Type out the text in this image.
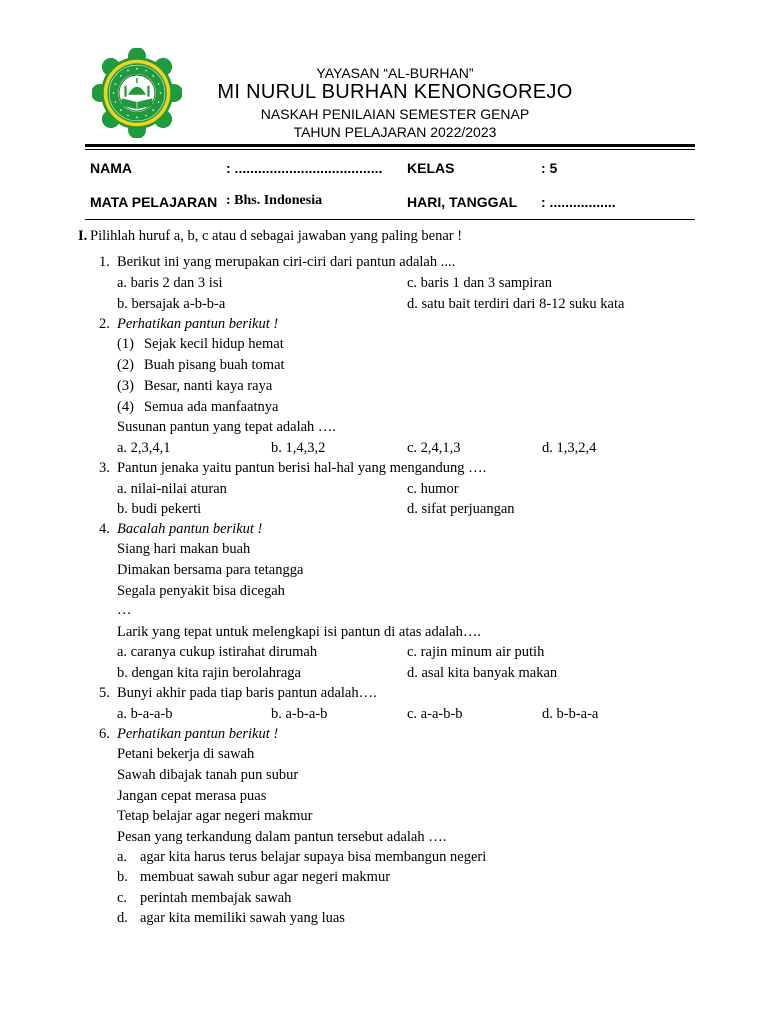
YAYASAN “AL-BURHAN”
MI NURUL BURHAN KENONGOREJO
NASKAH PENILAIAN SEMESTER GENAP
TAHUN PELAJARAN 2022/2023
NAMA	: ...................................... KELAS	: 5
MATA PELAJARAN : Bhs. Indonesia	HARI, TANGGAL : .................
I. Pilihlah huruf a, b, c atau d sebagai jawaban yang paling benar !
1. Berikut ini yang merupakan ciri-ciri dari pantun adalah ....
a. baris 2 dan 3 isi	c. baris 1 dan 3 sampiran
b. bersajak a-b-b-a	d. satu bait terdiri dari 8-12 suku kata
2. Perhatikan pantun berikut !
(1) Sejak kecil hidup hemat
(2) Buah pisang buah tomat
(3) Besar, nanti kaya raya
(4) Semua ada manfaatnya
Susunan pantun yang tepat adalah ….
a. 2,3,4,1	b. 1,4,3,2	c. 2,4,1,3	d. 1,3,2,4
3. Pantun jenaka yaitu pantun berisi hal-hal yang mengandung ….
a. nilai-nilai aturan	c. humor
b. budi pekerti	d. sifat perjuangan
4. Bacalah pantun berikut !
Siang hari makan buah
Dimakan bersama para tetangga
Segala penyakit bisa dicegah
…
Larik yang tepat untuk melengkapi isi pantun di atas adalah….
a. caranya cukup istirahat dirumah	c. rajin minum air putih
b. dengan kita rajin berolahraga	d. asal kita banyak makan
5. Bunyi akhir pada tiap baris pantun adalah….
a. b-a-a-b	b. a-b-a-b	c. a-a-b-b	d. b-b-a-a
6. Perhatikan pantun berikut !
Petani bekerja di sawah
Sawah dibajak tanah pun subur
Jangan cepat merasa puas
Tetap belajar agar negeri makmur
Pesan yang terkandung dalam pantun tersebut adalah ….
a. agar kita harus terus belajar supaya bisa membangun negeri
b. membuat sawah subur agar negeri makmur
c. perintah membajak sawah
d. agar kita memiliki sawah yang luas
